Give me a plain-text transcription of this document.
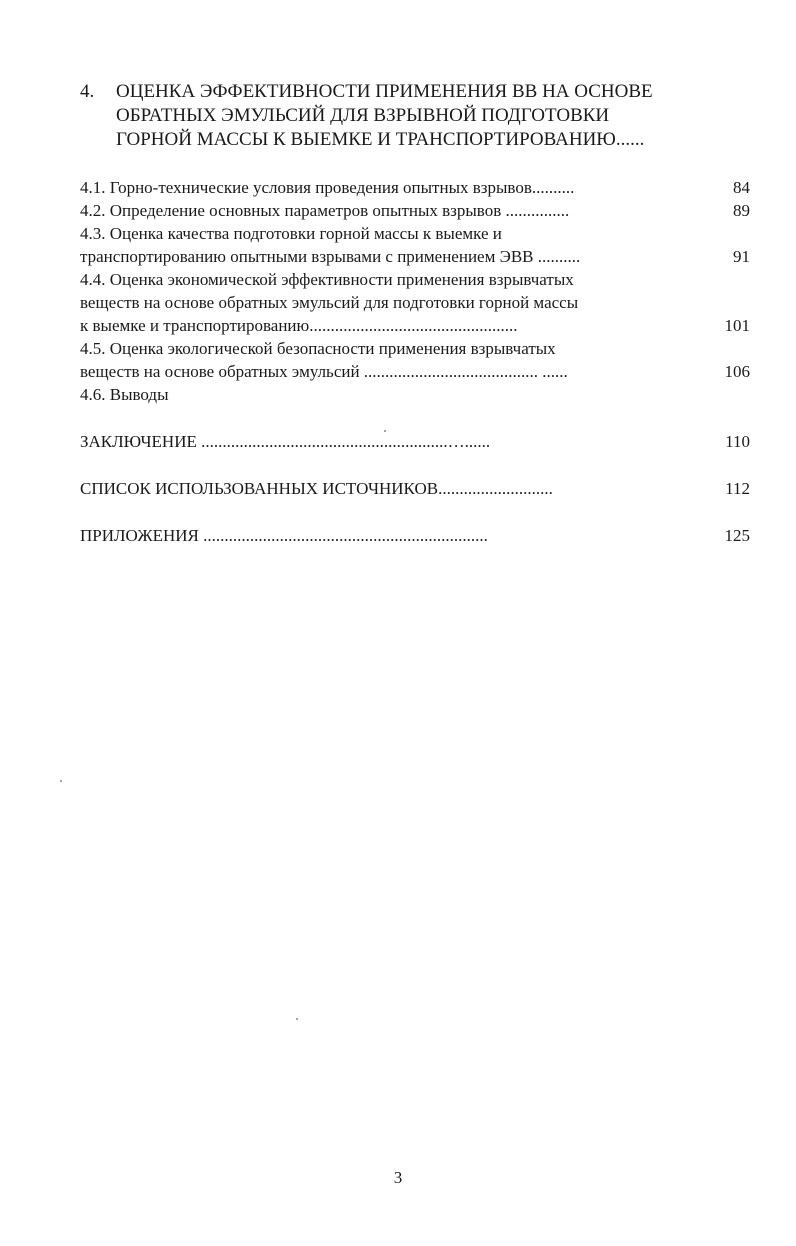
4. ОЦЕНКА ЭФФЕКТИВНОСТИ ПРИМЕНЕНИЯ ВВ НА ОСНОВЕ
ОБРАТНЫХ ЭМУЛЬСИЙ ДЛЯ ВЗРЫВНОЙ ПОДГОТОВКИ
ГОРНОЙ МАССЫ К ВЫЕМКЕ И ТРАНСПОРТИРОВАНИЮ......
4.1. Горно-технические условия проведения опытных взрывов..........	84
4.2. Определение основных параметров опытных взрывов ...............	89
4.3. Оценка качества подготовки горной массы к выемке и
транспортированию опытными взрывами с применением ЭВВ ..........	91
4.4. Оценка экономической эффективности применения взрывчатых
веществ на основе обратных эмульсий для подготовки горной массы
к выемке и транспортированию.................................................	101
4.5. Оценка экологической безопасности применения взрывчатых
веществ на основе обратных эмульсий ......................................... ......	106
4.6. Выводы
ЗАКЛЮЧЕНИЕ ..........................................................…......	110
СПИСОК ИСПОЛЬЗОВАННЫХ ИСТОЧНИКОВ...........................	112
ПРИЛОЖЕНИЯ ...................................................................	125
3
